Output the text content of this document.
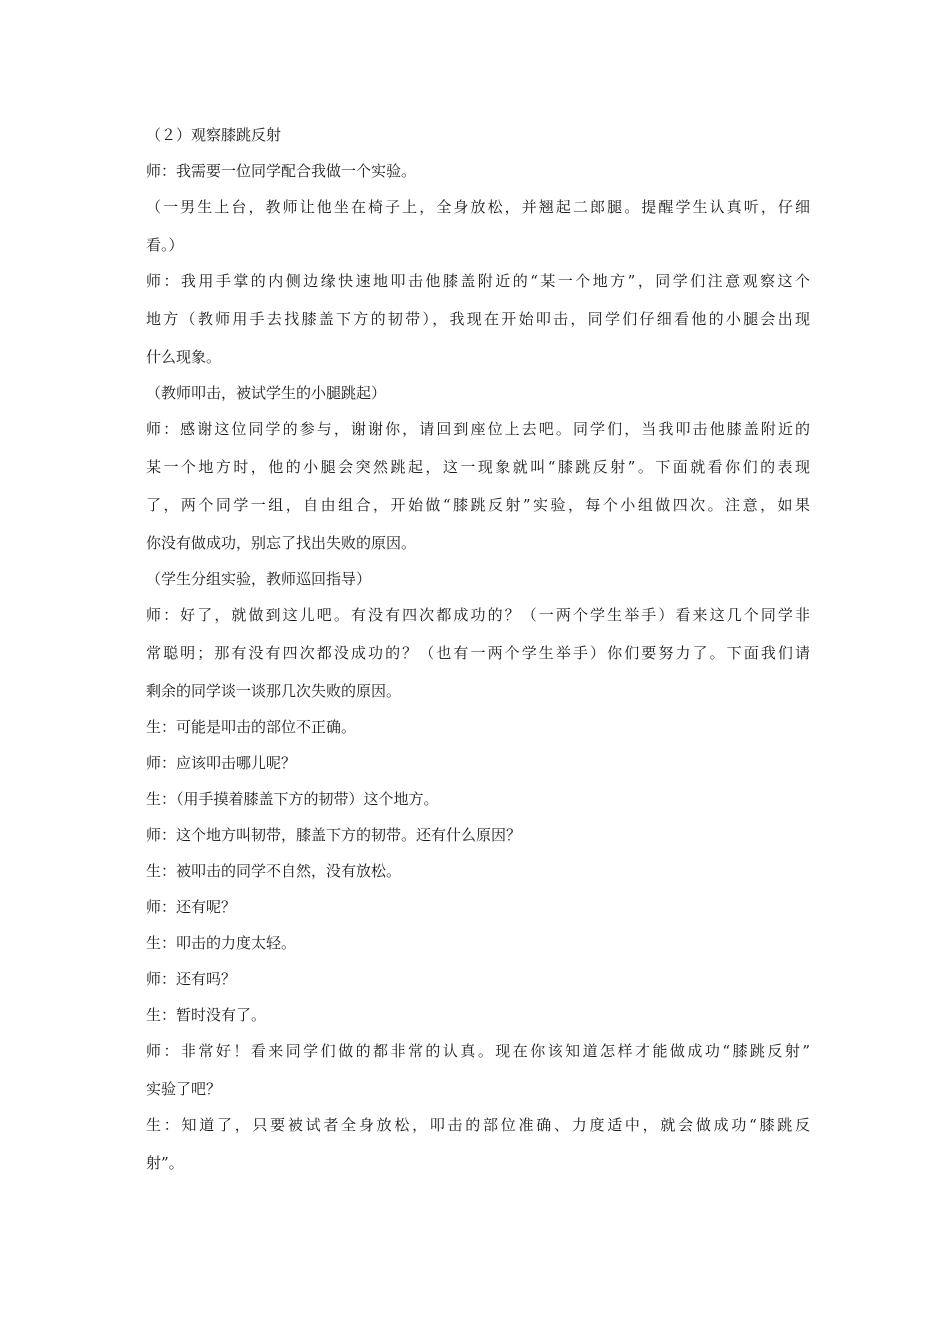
（２）观察膝跳反射

师：我需要一位同学配合我做一个实验。

（一男生上台，教师让他坐在椅子上，全身放松，并翘起二郎腿。提醒学生认真听，仔细

看。）

师：我用手掌的内侧边缘快速地叩击他膝盖附近的“某一个地方”，同学们注意观察这个

地方（教师用手去找膝盖下方的韧带），我现在开始叩击，同学们仔细看他的小腿会出现

什么现象。

（教师叩击，被试学生的小腿跳起）

师：感谢这位同学的参与，谢谢你，请回到座位上去吧。同学们，当我叩击他膝盖附近的

某一个地方时，他的小腿会突然跳起，这一现象就叫“膝跳反射”。下面就看你们的表现

了，两个同学一组，自由组合，开始做“膝跳反射”实验，每个小组做四次。注意，如果

你没有做成功，别忘了找出失败的原因。

（学生分组实验，教师巡回指导）

师：好了，就做到这儿吧。有没有四次都成功的？（一两个学生举手）看来这几个同学非

常聪明；那有没有四次都没成功的？（也有一两个学生举手）你们要努力了。下面我们请

剩余的同学谈一谈那几次失败的原因。

生：可能是叩击的部位不正确。

师：应该叩击哪儿呢？

生：（用手摸着膝盖下方的韧带）这个地方。

师：这个地方叫韧带，膝盖下方的韧带。还有什么原因？

生：被叩击的同学不自然，没有放松。

师：还有呢？

生：叩击的力度太轻。

师：还有吗？

生：暂时没有了。

师：非常好！看来同学们做的都非常的认真。现在你该知道怎样才能做成功“膝跳反射”

实验了吧？

生：知道了，只要被试者全身放松，叩击的部位准确、力度适中，就会做成功“膝跳反

射”。
